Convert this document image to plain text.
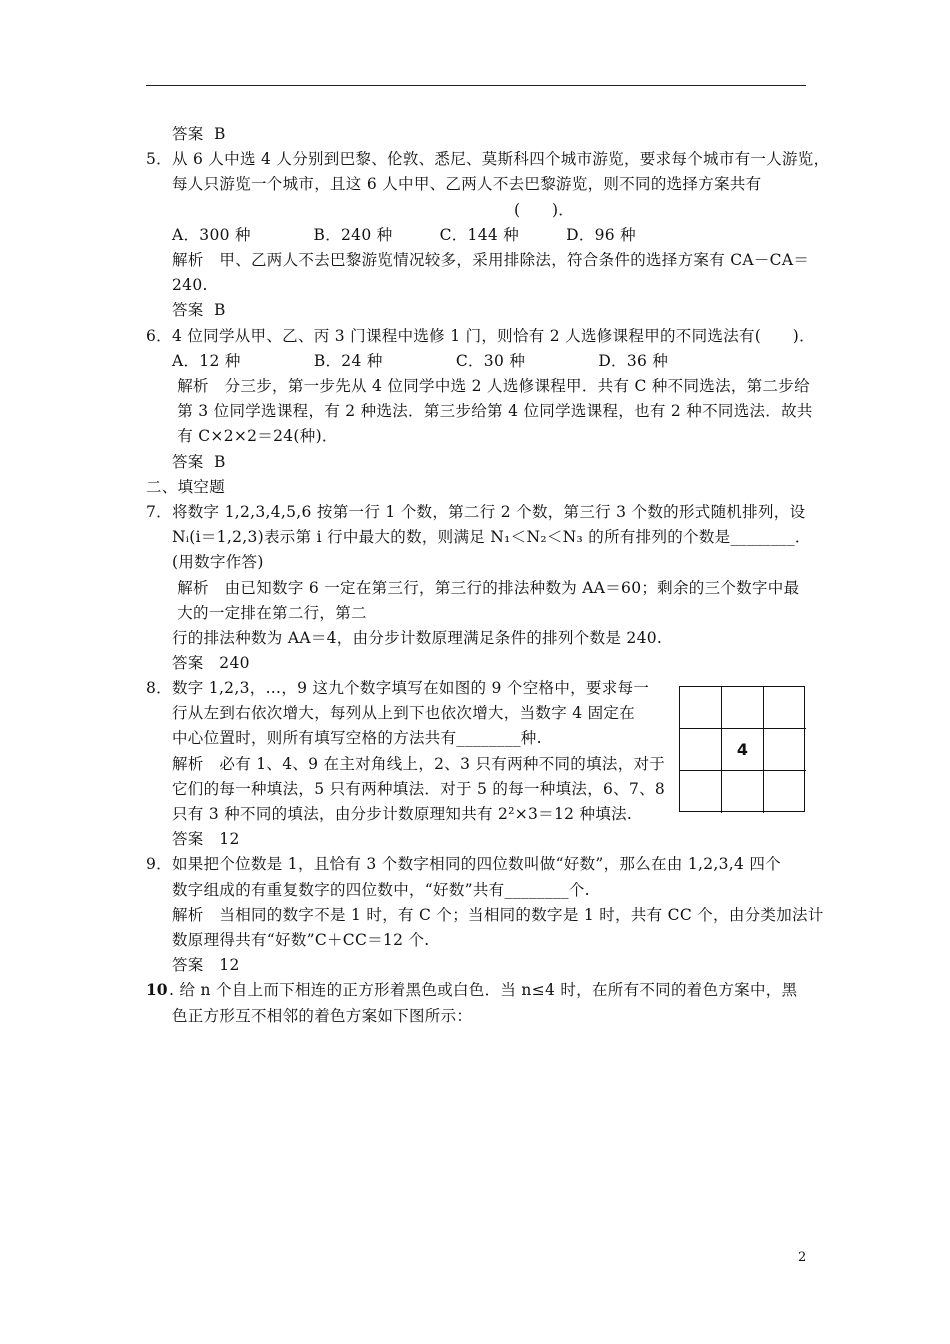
答案  B
5．从 6 人中选 4 人分别到巴黎、伦敦、悉尼、莫斯科四个城市游览，要求每个城市有一人游览，
每人只游览一个城市，且这 6 人中甲、乙两人不去巴黎游览，则不同的选择方案共有
(　　)．
A．300 种            B．240 种         C．144 种         D．96 种
解析　甲、乙两人不去巴黎游览情况较多，采用排除法，符合条件的选择方案有 CA－CA＝
240.
答案  B
6．4 位同学从甲、乙、丙 3 门课程中选修 1 门，则恰有 2 人选修课程甲的不同选法有(　　)．
A．12 种              B．24 种              C．30 种              D．36 种
解析　分三步，第一步先从 4 位同学中选 2 人选修课程甲．共有 C 种不同选法，第二步给
第 3 位同学选课程，有 2 种选法．第三步给第 4 位同学选课程，也有 2 种不同选法．故共
有 C×2×2＝24(种)．
答案  B
二、填空题
7．将数字 1,2,3,4,5,6 按第一行 1 个数，第二行 2 个数，第三行 3 个数的形式随机排列，设
Nᵢ(i＝1,2,3)表示第 i 行中最大的数，则满足 N₁＜N₂＜N₃ 的所有排列的个数是________．
(用数字作答)
解析　由已知数字 6 一定在第三行，第三行的排法种数为 AA＝60；剩余的三个数字中最
大的一定排在第二行，第二
行的排法种数为 AA＝4，由分步计数原理满足条件的排列个数是 240.
答案   240
8．数字 1,2,3，…，9 这九个数字填写在如图的 9 个空格中，要求每一
行从左到右依次增大，每列从上到下也依次增大，当数字 4 固定在
中心位置时，则所有填写空格的方法共有________种.
解析　必有 1、4、9 在主对角线上，2、3 只有两种不同的填法，对于
它们的每一种填法，5 只有两种填法．对于 5 的每一种填法，6、7、8
只有 3 种不同的填法，由分步计数原理知共有 2²×3＝12 种填法.
答案   12
9．如果把个位数是 1，且恰有 3 个数字相同的四位数叫做“好数”，那么在由 1,2,3,4 四个
数字组成的有重复数字的四位数中，“好数”共有________个.
解析　当相同的数字不是 1 时，有 C 个；当相同的数字是 1 时，共有 CC 个，由分类加法计
数原理得共有“好数”C＋CC＝12 个.
答案   12
. 给 n 个自上而下相连的正方形着黑色或白色．当 n≤4 时，在所有不同的着色方案中，黑
色正方形互不相邻的着色方案如下图所示：
10
4
2
